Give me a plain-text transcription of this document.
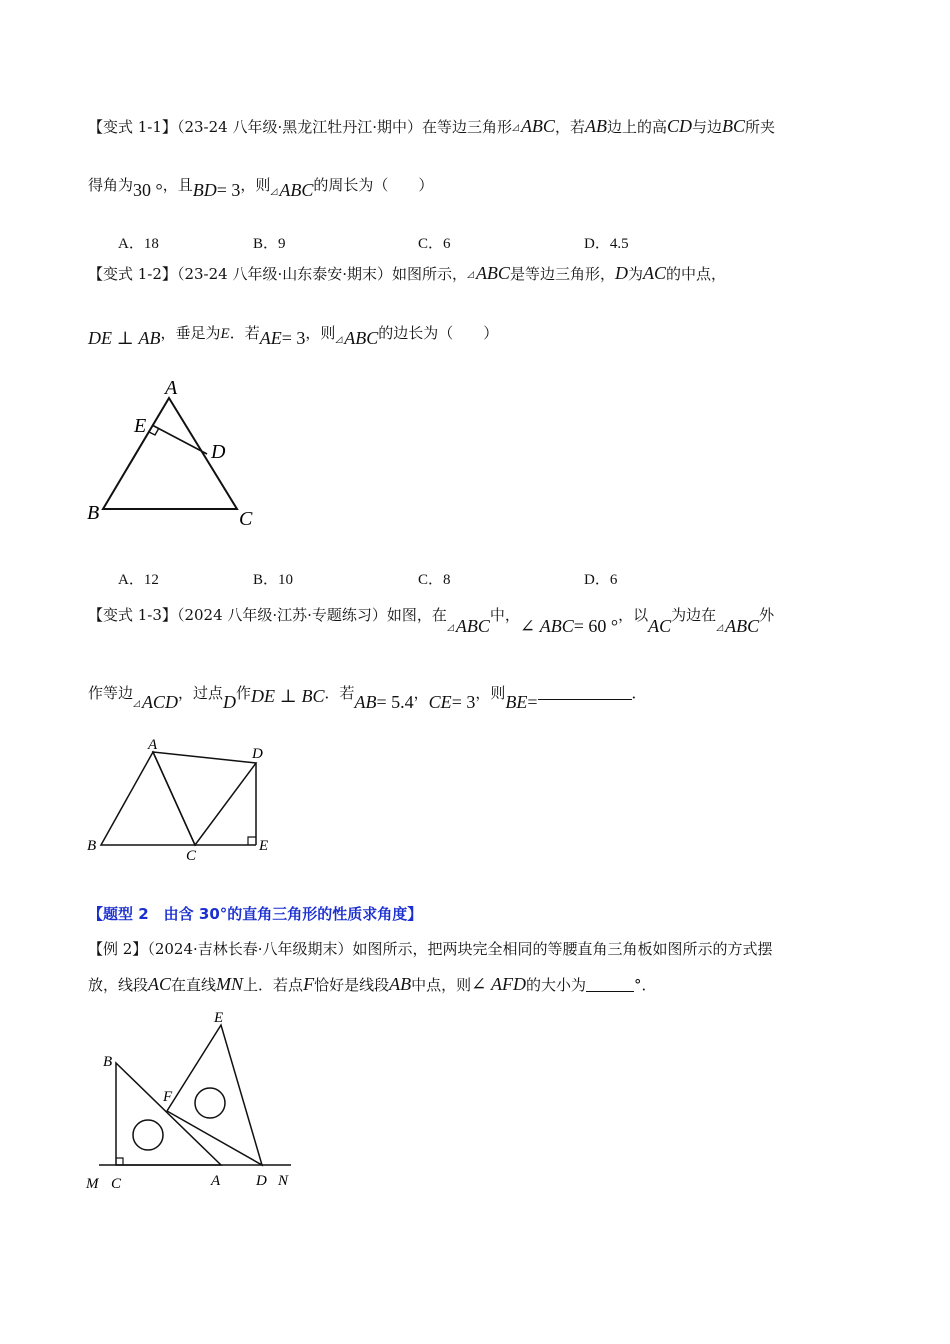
【变式 1-1】（23-24 八年级·黑龙江牡丹江·期中）在等边三角形◿ ABC，若AB边上的高CD与边BC所夹
得角为30 °，且BD= 3，则◿ ABC的周长为（　　）
A．18	B．9	C．6	D．4.5
【变式 1-2】（23-24 八年级·山东泰安·期末）如图所示，◿ ABC是等边三角形，D为AC的中点，
DE ⊥ AB，垂足为E．若AE= 3，则◿ ABC的边长为（　　）
A
E
D
B	C
A．12	B．10	C．8	D．6
【变式 1-3】（2024 八年级·江苏·专题练习）如图，在◿ ABC中，∠ ABC= 60 °，以AC为边在◿ ABC外
作等边◿ ACD，过点D作DE ⊥ BC．若AB= 5.4，CE= 3，则BE=	．
A
D
B
C
E
【题型 2　由含 30°的直角三角形的性质求角度】
【例 2】（2024·吉林长春·八年级期末）如图所示，把两块完全相同的等腰直角三角板如图所示的方式摆
放，线段AC在直线MN上．若点F恰好是线段AB中点，则∠ AFD的大小为	°．
E
B
F
M C	A D N
